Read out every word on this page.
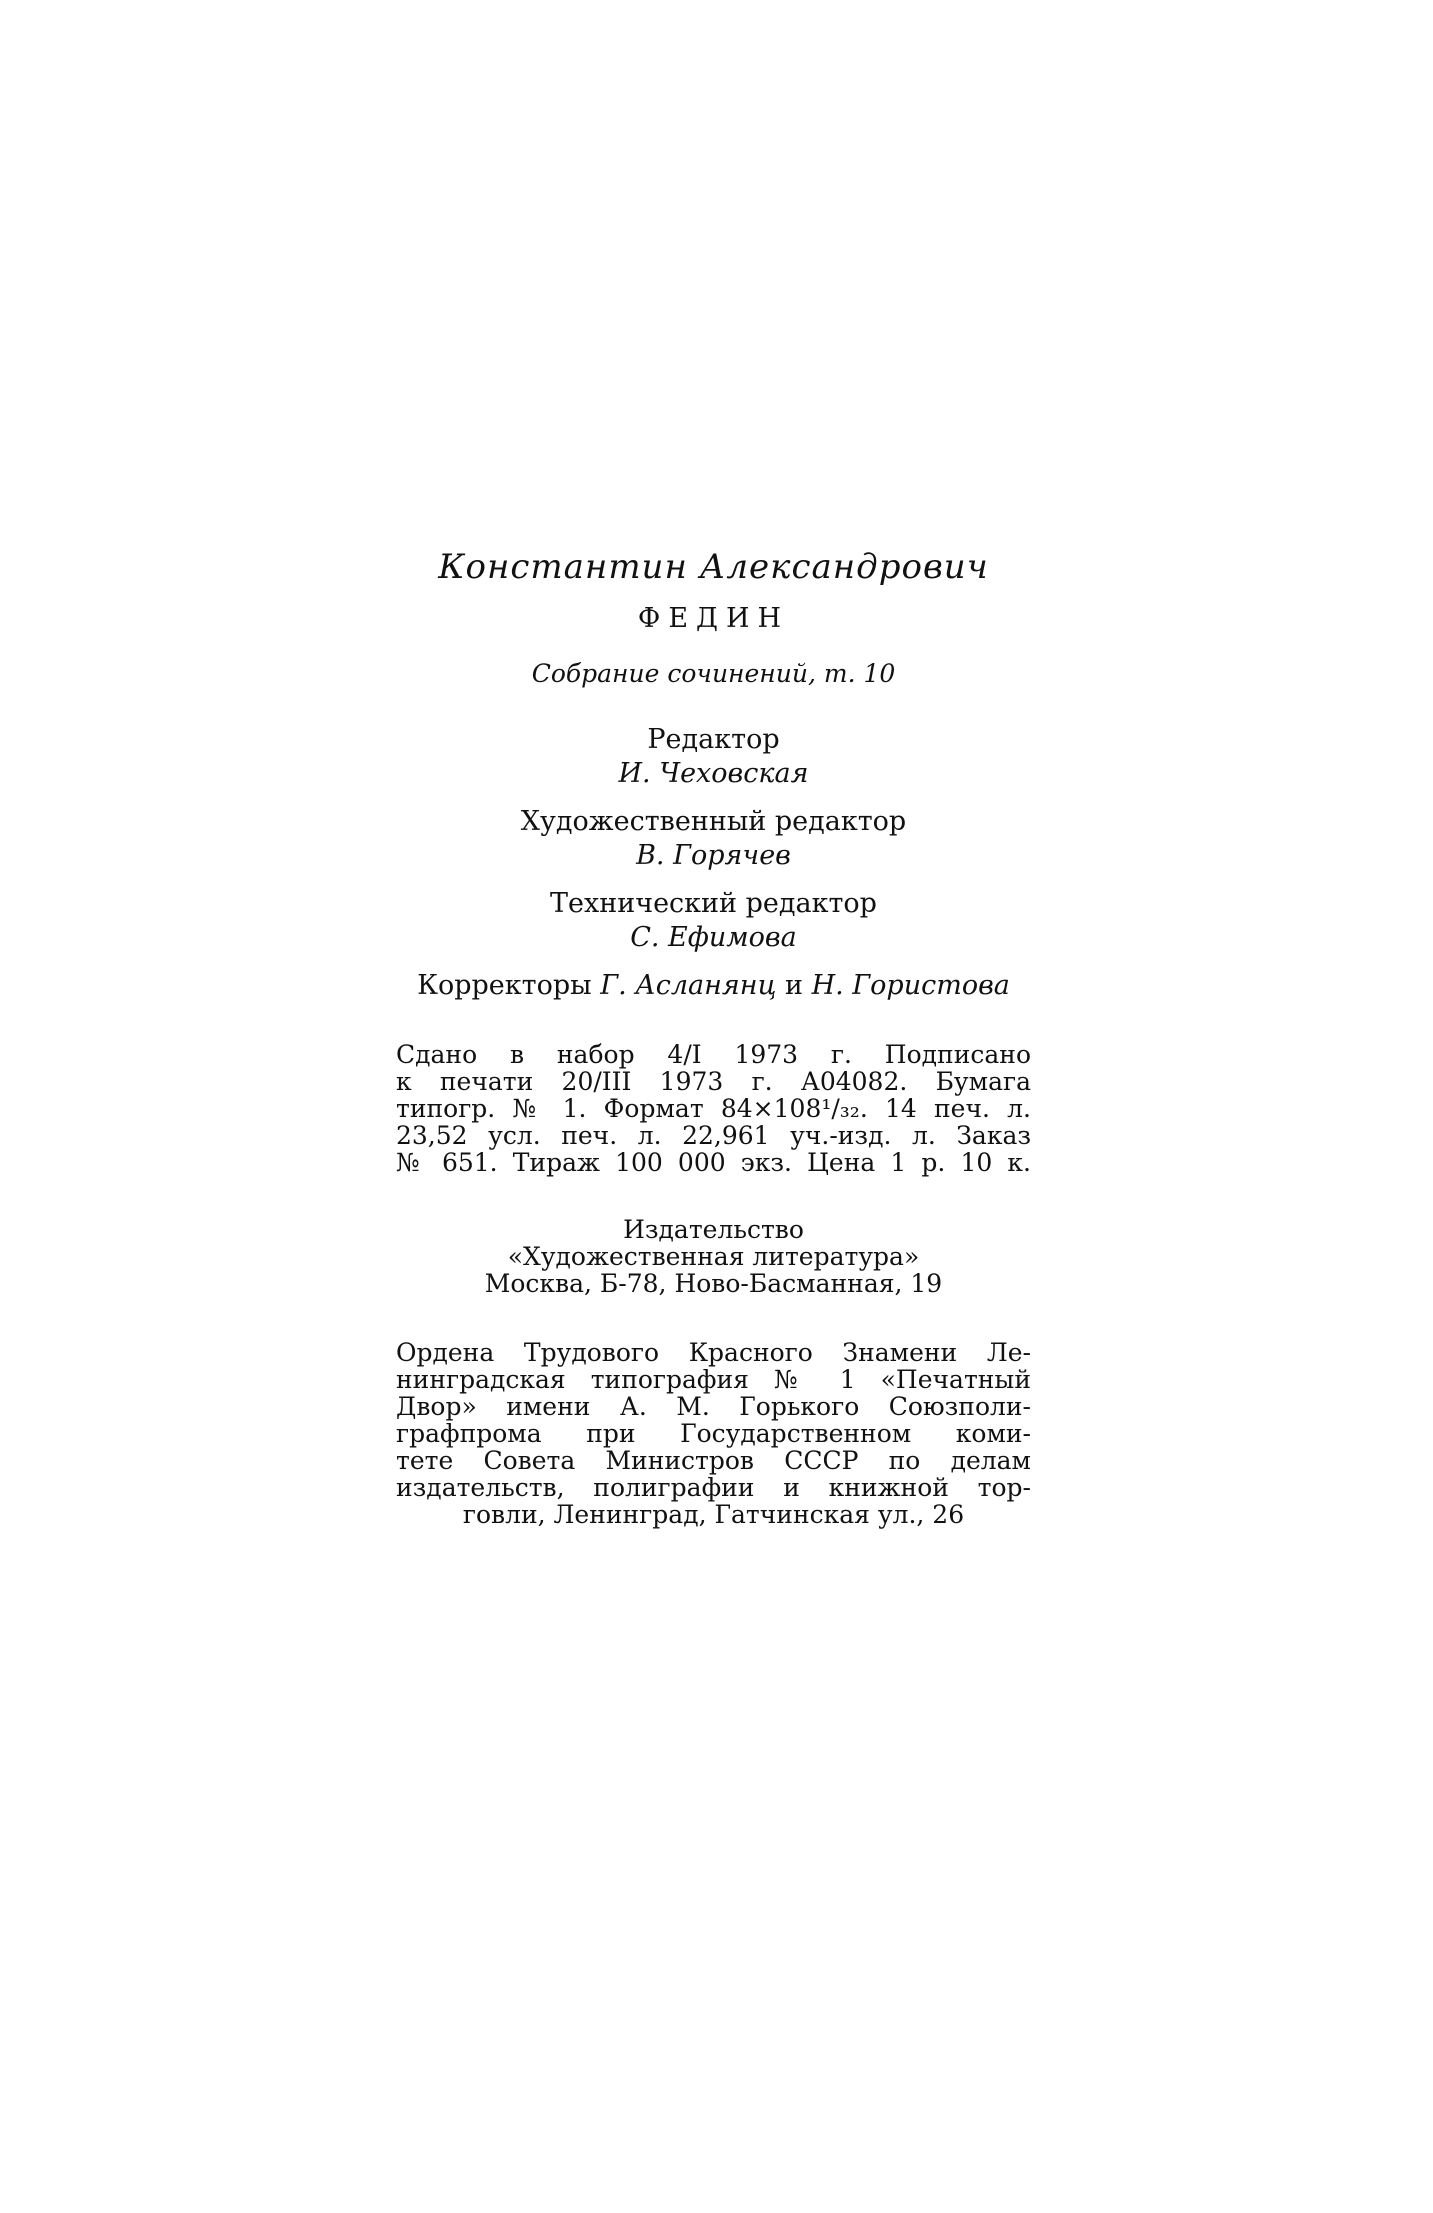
Константин Александрович
ФЕДИН
Собрание сочинений, т. 10
Редактор
И. Чеховская
Художественный редактор
В. Горячев
Технический редактор
С. Ефимова
Корректоры Г. Асланянц и Н. Гористова
Сдано в набор 4/I 1973 г. Подписано
к печати 20/III 1973 г. А04082. Бумага
типогр. № 1. Формат 84×108¹/₃₂. 14 печ. л.
23,52 усл. печ. л. 22,961 уч.-изд. л. Заказ
№ 651. Тираж 100 000 экз. Цена 1 р. 10 к.
Издательство
«Художественная литература»
Москва, Б-78, Ново-Басманная, 19
Ордена Трудового Красного Знамени Ле-
нинградская типография № 1 «Печатный
Двор» имени А. М. Горького Союзполи-
графпрома при Государственном коми-
тете Совета Министров СССР по делам
издательств, полиграфии и книжной тор-
говли, Ленинград, Гатчинская ул., 26
